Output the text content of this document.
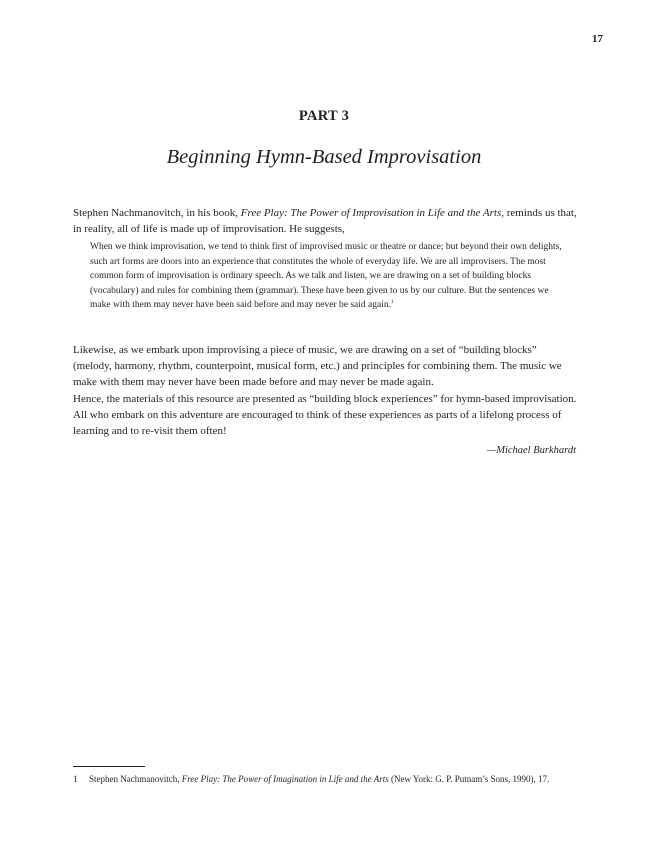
17
PART 3
Beginning Hymn-Based Improvisation

Stephen Nachmanovitch, in his book, Free Play: The Power of Improvisation in Life and the Arts, reminds us that, in reality, all of life is made up of improvisation. He suggests,

When we think improvisation, we tend to think first of improvised music or theatre or dance; but beyond their own delights, such art forms are doors into an experience that constitutes the whole of everyday life. We are all improvisers. The most common form of improvisation is ordinary speech. As we talk and listen, we are drawing on a set of building blocks (vocabulary) and rules for combining them (grammar). These have been given to us by our culture. But the sentences we make with them may never have been said before and may never be said again.$^1$

Likewise, as we embark upon improvising a piece of music, we are drawing on a set of “building blocks” (melody, harmony, rhythm, counterpoint, musical form, etc.) and principles for combining them. The music we make with them may never have been made before and may never be made again.

Hence, the materials of this resource are presented as “building block experiences” for hymn-based improvisation. All who embark on this adventure are encouraged to think of these experiences as parts of a lifelong process of learning and to re-visit them often!

—Michael Burkhardt

1 Stephen Nachmanovitch, Free Play: The Power of Imagination in Life and the Arts (New York: G. P. Putnam’s Sons, 1990), 17.
